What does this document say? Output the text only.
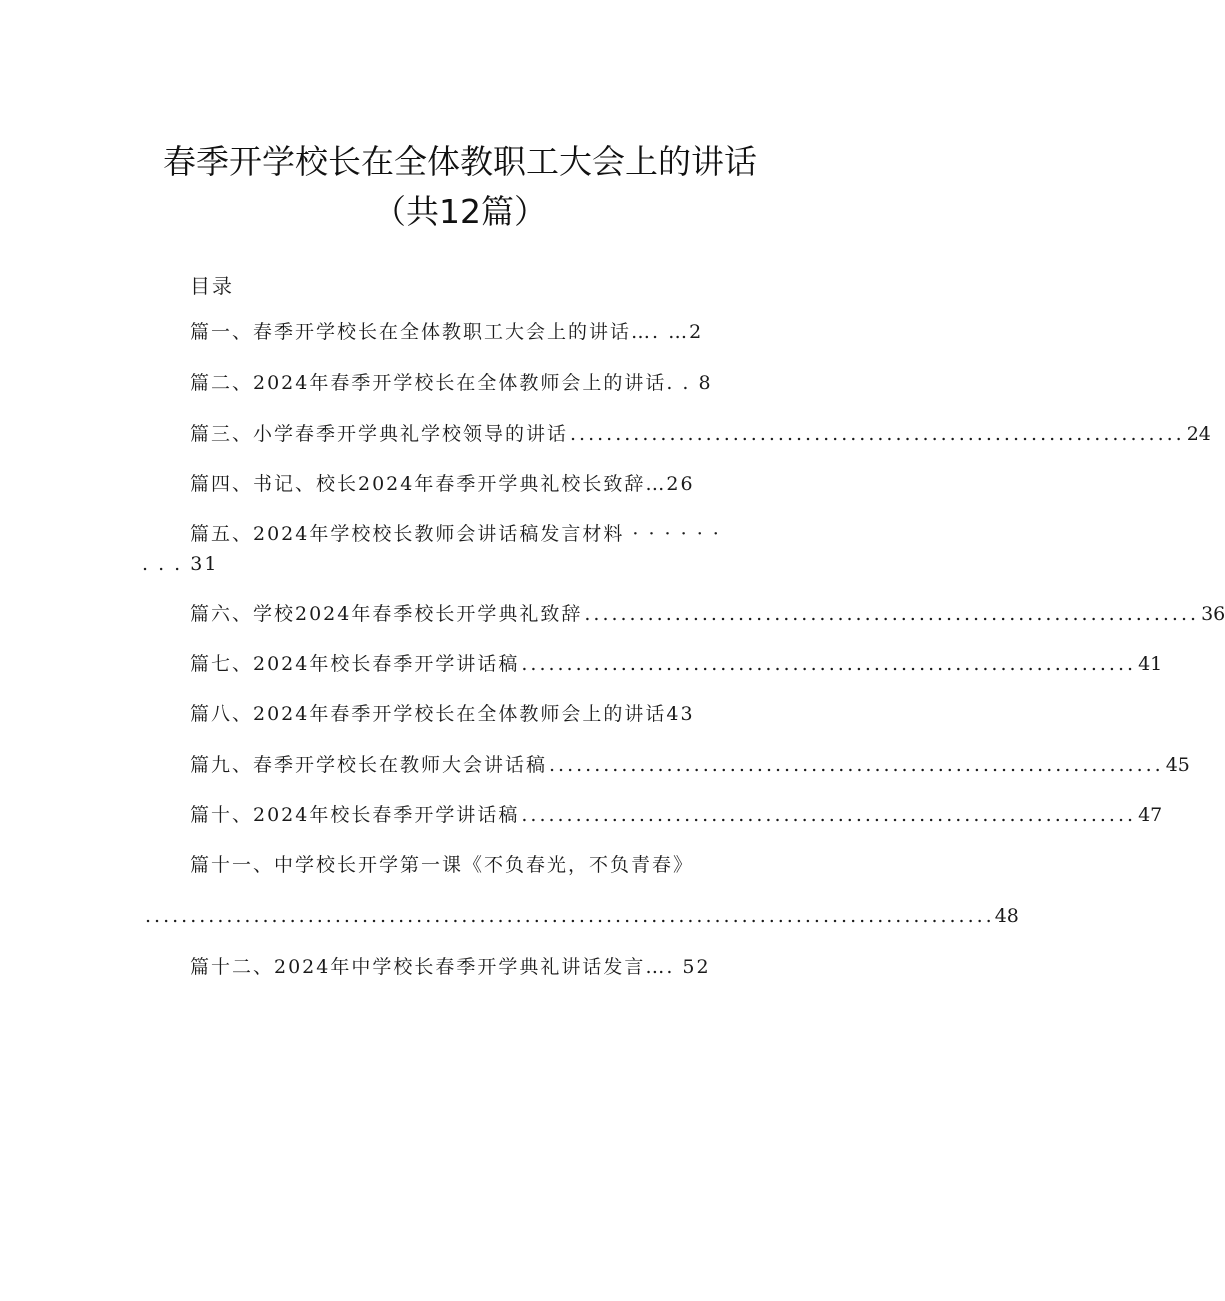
春季开学校长在全体教职工大会上的讲话
（共12篇）
目录
篇一、春季开学校长在全体教职工大会上的讲话…. …2
篇二、2024年春季开学校长在全体教师会上的讲话. . 8
篇三、小学春季开学典礼学校领导的讲话 .................................................................... 24
篇四、书记、校长2024年春季开学典礼校长致辞…26
篇五、2024年学校校长教师会讲话稿发言材料 · · · · · ·
. . . 31
篇六、学校2024年春季校长开学典礼致辞 .................................................................... 36
篇七、2024年校长春季开学讲话稿 .................................................................... 41
篇八、2024年春季开学校长在全体教师会上的讲话43
篇九、春季开学校长在教师大会讲话稿 .................................................................... 45
篇十、2024年校长春季开学讲话稿 .................................................................... 47
篇十一、中学校长开学第一课《不负春光，不负青春》
.............................................................................................. 48
篇十二、2024年中学校长春季开学典礼讲话发言…. 52
